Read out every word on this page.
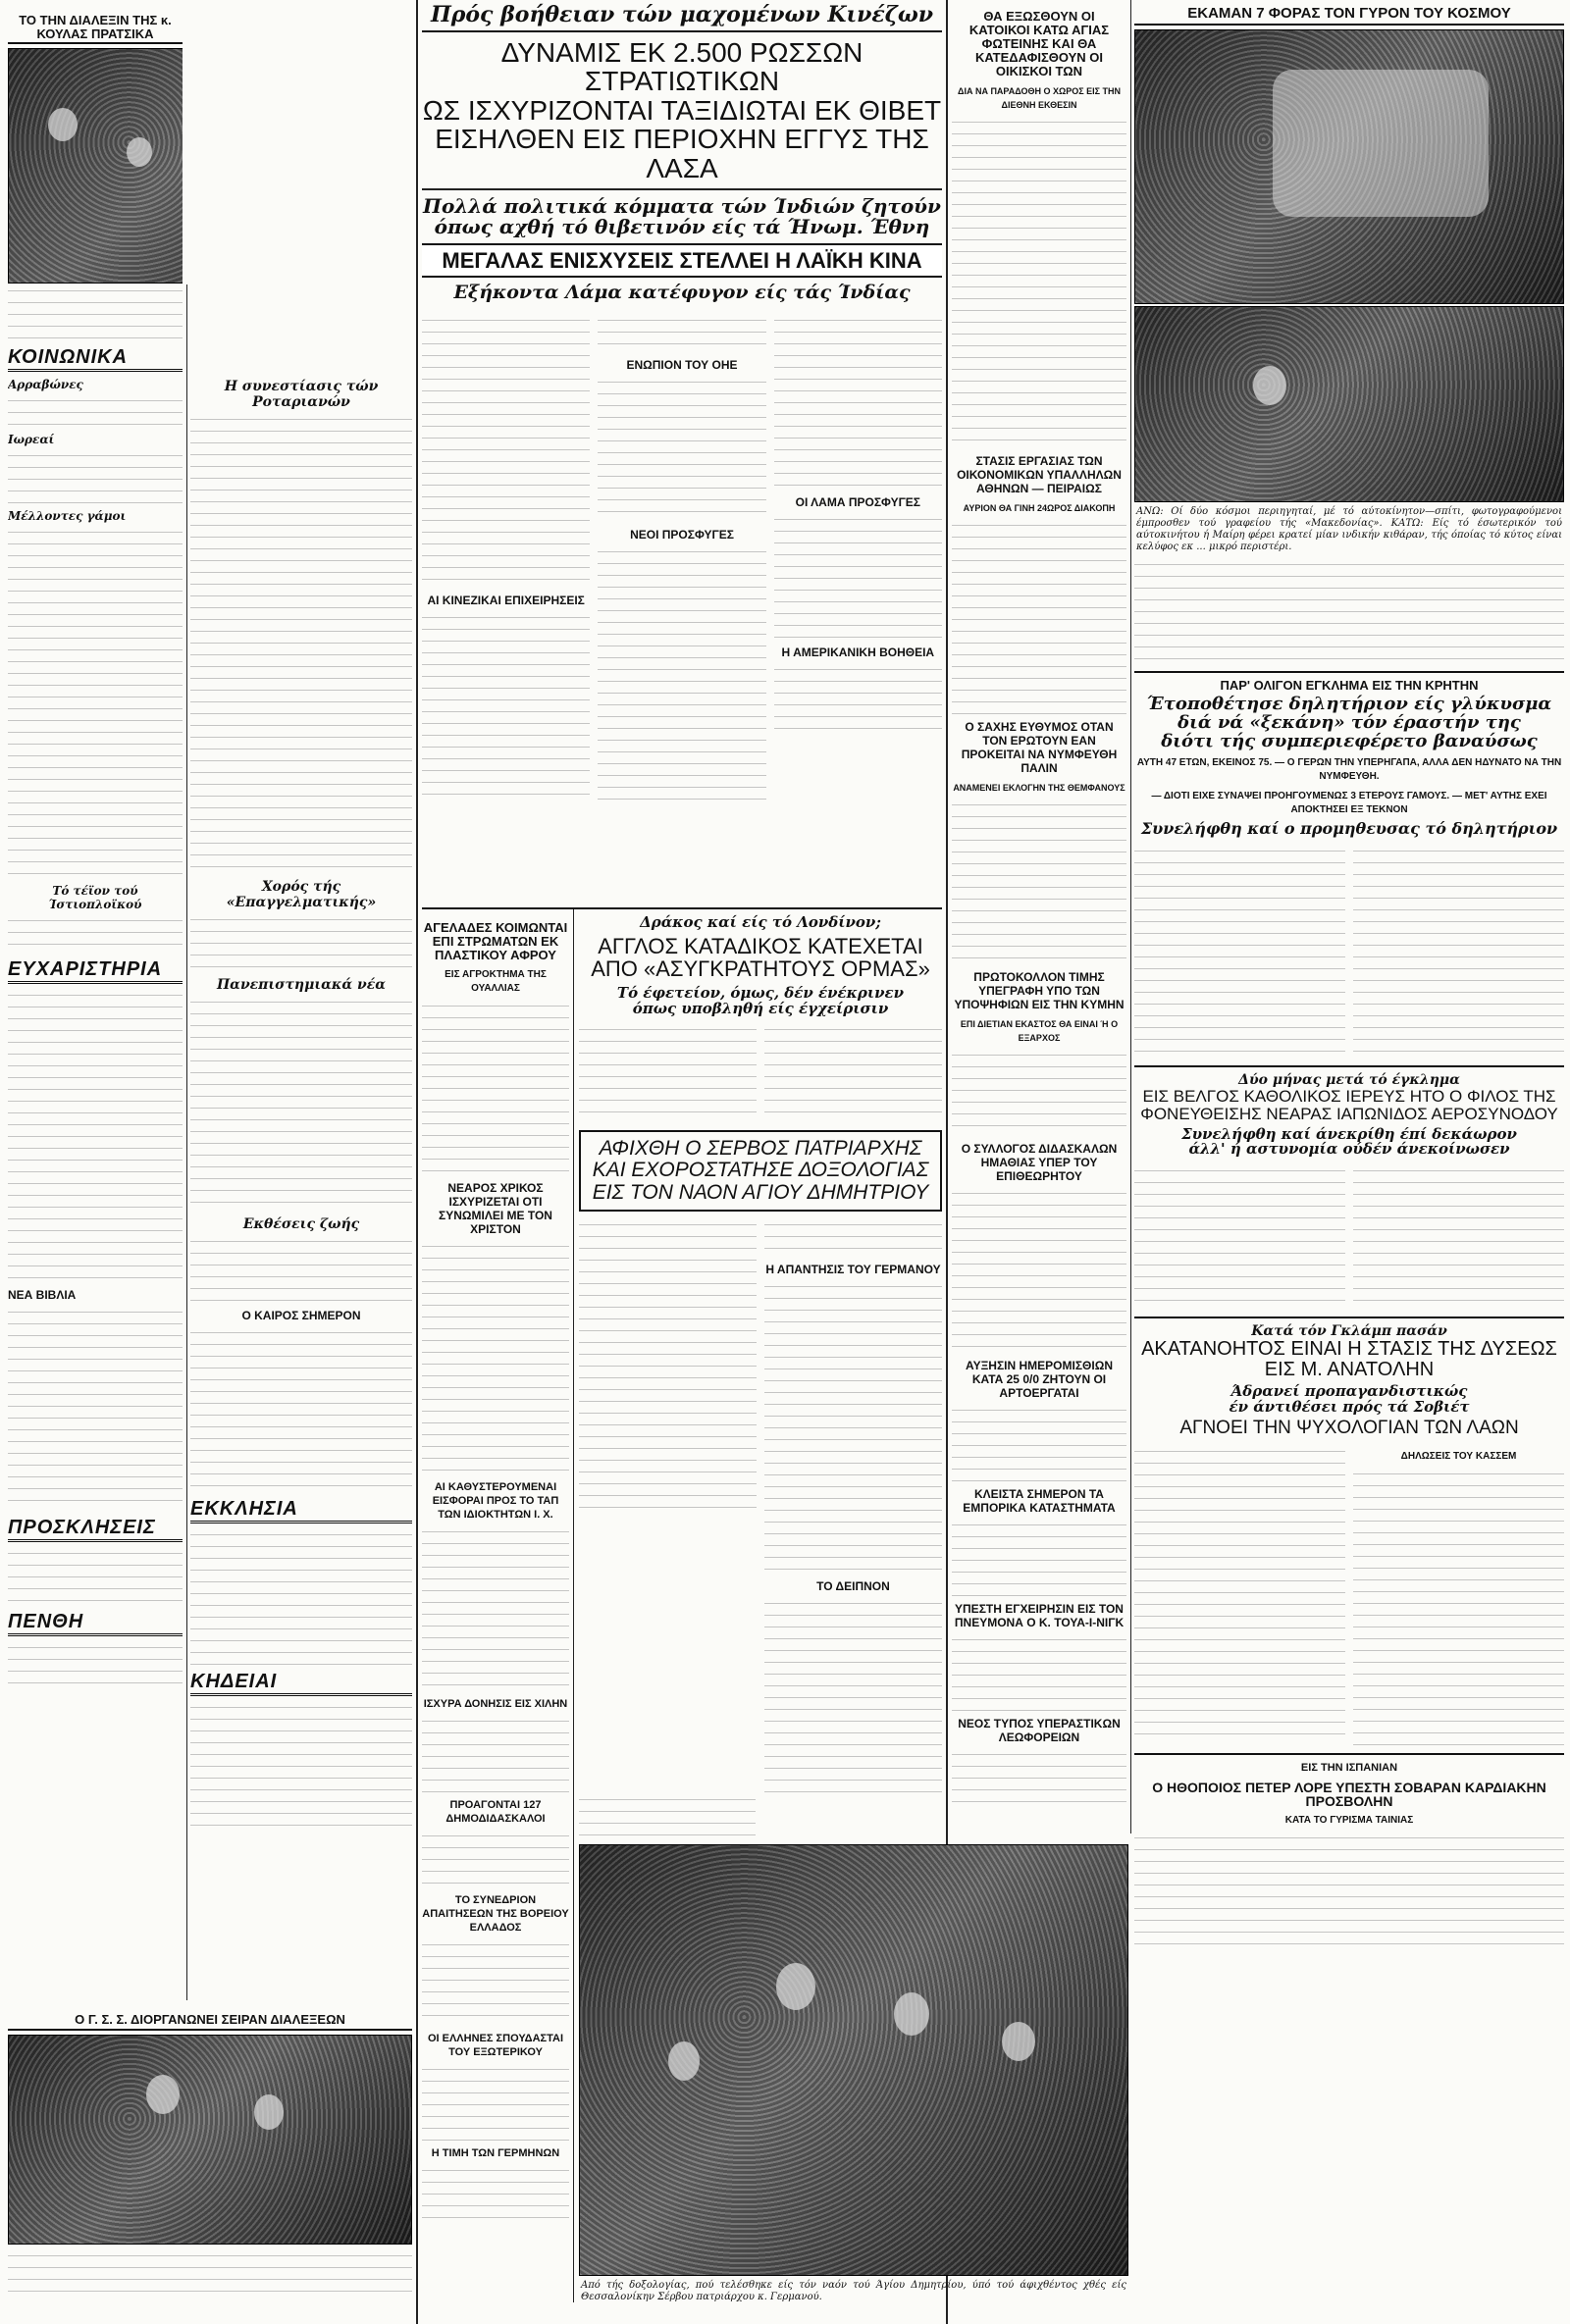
ΤΟ ΤΗΝ ΔΙΑΛΕΞΙΝ ΤΗΣ κ. ΚΟΥΛΑΣ ΠΡΑΤΣΙΚΑ
ΚΟΙΝΩΝΙΚΑ
Αρραβώνες
Ιωρεαί
Μέλλοντες γάμοι
Τό τέϊον τού Ίστιοπλοϊκού
ΕΥΧΑΡΙΣΤΗΡΙΑ
ΝΕΑ ΒΙΒΛΙΑ
ΠΡΟΣΚΛΗΣΕΙΣ
ΠΕΝΘΗ
Ο Γ. Σ. Σ. ΔΙΟΡΓΑΝΩΝΕΙ ΣΕΙΡΑΝ ΔΙΑΛΕΞΕΩΝ
Η συνεστίασις τών Ροταριανών
Χορός τής «Επαγγελματικής»
Πανεπιστημιακά νέα
Εκθέσεις ζωής
Ο ΚΑΙΡΟΣ ΣΗΜΕΡΟΝ
ΕΚΚΛΗΣΙΑ
ΚΗΔΕΙΑΙ
Πρός βοήθειαν τών μαχομένων Κινέζων
ΔΥΝΑΜΙΣ ΕΚ 2.500 ΡΩΣΣΩΝ ΣΤΡΑΤΙΩΤΙΚΩΝ
ΩΣ ΙΣΧΥΡΙΖΟΝΤΑΙ ΤΑΞΙΔΙΩΤΑΙ ΕΚ ΘΙΒΕΤ
ΕΙΣΗΛΘΕΝ ΕΙΣ ΠΕΡΙΟΧΗΝ ΕΓΓΥΣ ΤΗΣ ΛΑΣΑ
Πολλά πολιτικά κόμματα τών Ίνδιών ζητούν
όπως αχθή τό θιβετινόν είς τά Ήνωμ. Έθνη
ΜΕΓΑΛΑΣ ΕΝΙΣΧΥΣΕΙΣ ΣΤΕΛΛΕΙ Η ΛΑΪΚΗ ΚΙΝΑ
Εξήκοντα Λάμα κατέφυγον είς τάς Ίνδίας
ΑΙ ΚΙΝΕΖΙΚΑΙ ΕΠΙΧΕΙΡΗΣΕΙΣ
ΕΝΩΠΙΟΝ ΤΟΥ ΟΗΕ
ΝΕΟΙ ΠΡΟΣΦΥΓΕΣ
ΟΙ ΛΑΜΑ ΠΡΟΣΦΥΓΕΣ
Η ΑΜΕΡΙΚΑΝΙΚΗ ΒΟΗΘΕΙΑ
ΑΓΕΛΑΔΕΣ ΚΟΙΜΩΝΤΑΙ ΕΠΙ ΣΤΡΩΜΑΤΩΝ ΕΚ ΠΛΑΣΤΙΚΟΥ ΑΦΡΟΥ
ΕΙΣ ΑΓΡΟΚΤΗΜΑ ΤΗΣ ΟΥΑΛΛΙΑΣ
ΝΕΑΡΟΣ ΧΡΙΚΟΣ ΙΣΧΥΡΙΖΕΤΑΙ ΟΤΙ ΣΥΝΩΜΙΛΕΙ ΜΕ ΤΟΝ ΧΡΙΣΤΟΝ
ΑΙ ΚΑΘΥΣΤΕΡΟΥΜΕΝΑΙ ΕΙΣΦΟΡΑΙ ΠΡΟΣ ΤΟ ΤΑΠ ΤΩΝ ΙΔΙΟΚΤΗΤΩΝ Ι. Χ.
ΙΣΧΥΡΑ ΔΟΝΗΣΙΣ ΕΙΣ ΧΙΛΗΝ
ΠΡΟΑΓΟΝΤΑΙ 127 ΔΗΜΟΔΙΔΑΣΚΑΛΟΙ
ΤΟ ΣΥΝΕΔΡΙΟΝ ΑΠΑΙΤΗΣΕΩΝ ΤΗΣ ΒΟΡΕΙΟΥ ΕΛΛΑΔΟΣ
ΟΙ ΕΛΛΗΝΕΣ ΣΠΟΥΔΑΣΤΑΙ ΤΟΥ ΕΞΩΤΕΡΙΚΟΥ
Η ΤΙΜΗ ΤΩΝ ΓΕΡΜΗΝΩΝ
Δράκος καί είς τό Λονδίνον;
ΑΓΓΛΟΣ ΚΑΤΑΔΙΚΟΣ ΚΑΤΕΧΕΤΑΙ ΑΠΟ «ΑΣΥΓΚΡΑΤΗΤΟΥΣ ΟΡΜΑΣ»
Τό έφετείον, όμως, δέν ένέκρινεν
όπως υποβληθή είς έγχείρισιν
ΑΦΙΧΘΗ Ο ΣΕΡΒΟΣ ΠΑΤΡΙΑΡΧΗΣ ΚΑΙ ΕΧΟΡΟΣΤΑΤΗΣΕ ΔΟΞΟΛΟΓΙΑΣ ΕΙΣ ΤΟΝ ΝΑΟΝ ΑΓΙΟΥ ΔΗΜΗΤΡΙΟΥ
Η ΑΠΑΝΤΗΣΙΣ ΤΟΥ ΓΕΡΜΑΝΟΥ
ΤΟ ΔΕΙΠΝΟΝ
Από τής δοξολογίας, πού τελέσθηκε είς τόν ναόν τού Άγίου Δημητρίου, ύπό τού άφιχθέντος χθές είς Θεσσαλονίκην Σέρβου πατριάρχου κ. Γερμανού.
ΘΑ ΕΞΩΣΘΟΥΝ ΟΙ ΚΑΤΟΙΚΟΙ ΚΑΤΩ ΑΓΙΑΣ ΦΩΤΕΙΝΗΣ ΚΑΙ ΘΑ ΚΑΤΕΔΑΦΙΣΘΟΥΝ ΟΙ ΟΙΚΙΣΚΟΙ ΤΩΝ
ΔΙΑ ΝΑ ΠΑΡΑΔΟΘΗ Ο ΧΩΡΟΣ ΕΙΣ ΤΗΝ ΔΙΕΘΝΗ ΕΚΘΕΣΙΝ
ΣΤΑΣΙΣ ΕΡΓΑΣΙΑΣ ΤΩΝ ΟΙΚΟΝΟΜΙΚΩΝ ΥΠΑΛΛΗΛΩΝ ΑΘΗΝΩΝ — ΠΕΙΡΑΙΩΣ
ΑΥΡΙΟΝ ΘΑ ΓΙΝΗ 24ΩΡΟΣ ΔΙΑΚΟΠΗ
Ο ΣΑΧΗΣ ΕΥΘΥΜΟΣ ΟΤΑΝ ΤΟΝ ΕΡΩΤΟΥΝ ΕΑΝ ΠΡΟΚΕΙΤΑΙ ΝΑ ΝΥΜΦΕΥΘΗ ΠΑΛΙΝ
ΑΝΑΜΕΝΕΙ ΕΚΛΟΓΗΝ ΤΗΣ ΘΕΜΦΑΝΟΥΣ
ΠΡΩΤΟΚΟΛΛΟΝ ΤΙΜΗΣ ΥΠΕΓΡΑΦΗ ΥΠΟ ΤΩΝ ΥΠΟΨΗΦΙΩΝ ΕΙΣ ΤΗΝ ΚΥΜΗΝ
ΕΠΙ ΔΙΕΤΙΑΝ ΕΚΑΣΤΟΣ ΘΑ ΕΙΝΑΙ Ή Ο ΕΞΑΡΧΟΣ
Ο ΣΥΛΛΟΓΟΣ ΔΙΔΑΣΚΑΛΩΝ ΗΜΑΘΙΑΣ ΥΠΕΡ ΤΟΥ ΕΠΙΘΕΩΡΗΤΟΥ
ΑΥΞΗΣΙΝ ΗΜΕΡΟΜΙΣΘΙΩΝ ΚΑΤΑ 25 0/0 ΖΗΤΟΥΝ ΟΙ ΑΡΤΟΕΡΓΑΤΑΙ
ΚΛΕΙΣΤΑ ΣΗΜΕΡΟΝ ΤΑ ΕΜΠΟΡΙΚΑ ΚΑΤΑΣΤΗΜΑΤΑ
ΥΠΕΣΤΗ ΕΓΧΕΙΡΗΣΙΝ ΕΙΣ ΤΟΝ ΠΝΕΥΜΟΝΑ Ο Κ. ΤΟΥΑ-Ι-ΝΙΓΚ
ΝΕΟΣ ΤΥΠΟΣ ΥΠΕΡΑΣΤΙΚΩΝ ΛΕΩΦΟΡΕΙΩΝ
ΕΚΑΜΑΝ 7 ΦΟΡΑΣ ΤΟΝ ΓΥΡΟΝ ΤΟΥ ΚΟΣΜΟΥ
ΑΝΩ: Οί δύο κόσμοι περιηγηταί, μέ τό αύτοκίνητον—σπίτι, φωτογραφούμενοι έμπροσθεν τού γραφείου τής «Μακεδονίας». ΚΑΤΩ: Είς τό έσωτερικόν τού αύτοκινήτου ή Μαίρη φέρει κρατεί μίαν ινδικήν κιθάραν, τής όποίας τό κύτος είναι κελύφος εκ ... μικρό περιστέρι.
ΠΑΡ' ΟΛΙΓΟΝ ΕΓΚΛΗΜΑ ΕΙΣ ΤΗΝ ΚΡΗΤΗΝ
Έτοποθέτησε δηλητήριον είς γλύκυσμα
διά νά «ξεκάνη» τόν έραστήν της
διότι τής συμπεριεφέρετο βαναύσως
ΑΥΤΗ 47 ΕΤΩΝ, ΕΚΕΙΝΟΣ 75. — Ο ΓΕΡΩΝ ΤΗΝ ΥΠΕΡΗΓΑΠΑ, ΑΛΛΑ ΔΕΝ ΗΔΥΝΑΤΟ ΝΑ ΤΗΝ ΝΥΜΦΕΥΘΗ.
— ΔΙΟΤΙ ΕΙΧΕ ΣΥΝΑΨΕΙ ΠΡΟΗΓΟΥΜΕΝΩΣ 3 ΕΤΕΡΟΥΣ ΓΑΜΟΥΣ. — ΜΕΤ' ΑΥΤΗΣ ΕΧΕΙ ΑΠΟΚΤΗΣΕΙ ΕΞ ΤΕΚΝΟΝ
Συνελήφθη καί ο προμηθευσας τό δηλητήριον
Δύο μήνας μετά τό έγκλημα
ΕΙΣ ΒΕΛΓΟΣ ΚΑΘΟΛΙΚΟΣ ΙΕΡΕΥΣ ΗΤΟ Ο ΦΙΛΟΣ ΤΗΣ ΦΟΝΕΥΘΕΙΣΗΣ ΝΕΑΡΑΣ ΙΑΠΩΝΙΔΟΣ ΑΕΡΟΣΥΝΟΔΟΥ
Συνελήφθη καί άνεκρίθη έπί δεκάωρον
άλλ' ή αστυνομία ούδέν άνεκοίνωσεν
Κατά τόν Γκλάμπ πασάν
ΑΚΑΤΑΝΟΗΤΟΣ ΕΙΝΑΙ Η ΣΤΑΣΙΣ ΤΗΣ ΔΥΣΕΩΣ ΕΙΣ Μ. ΑΝΑΤΟΛΗΝ
Άδρανεί προπαγανδιστικώς
έν άντιθέσει πρός τά Σοβιέτ
ΑΓΝΟΕΙ ΤΗΝ ΨΥΧΟΛΟΓΙΑΝ ΤΩΝ ΛΑΩΝ
ΔΗΛΩΣΕΙΣ ΤΟΥ ΚΑΣΣΕΜ
ΕΙΣ ΤΗΝ ΙΣΠΑΝΙΑΝ
Ο ΗΘΟΠΟΙΟΣ ΠΕΤΕΡ ΛΟΡΕ ΥΠΕΣΤΗ ΣΟΒΑΡΑΝ ΚΑΡΔΙΑΚΗΝ ΠΡΟΣΒΟΛΗΝ
ΚΑΤΑ ΤΟ ΓΥΡΙΣΜΑ ΤΑΙΝΙΑΣ
